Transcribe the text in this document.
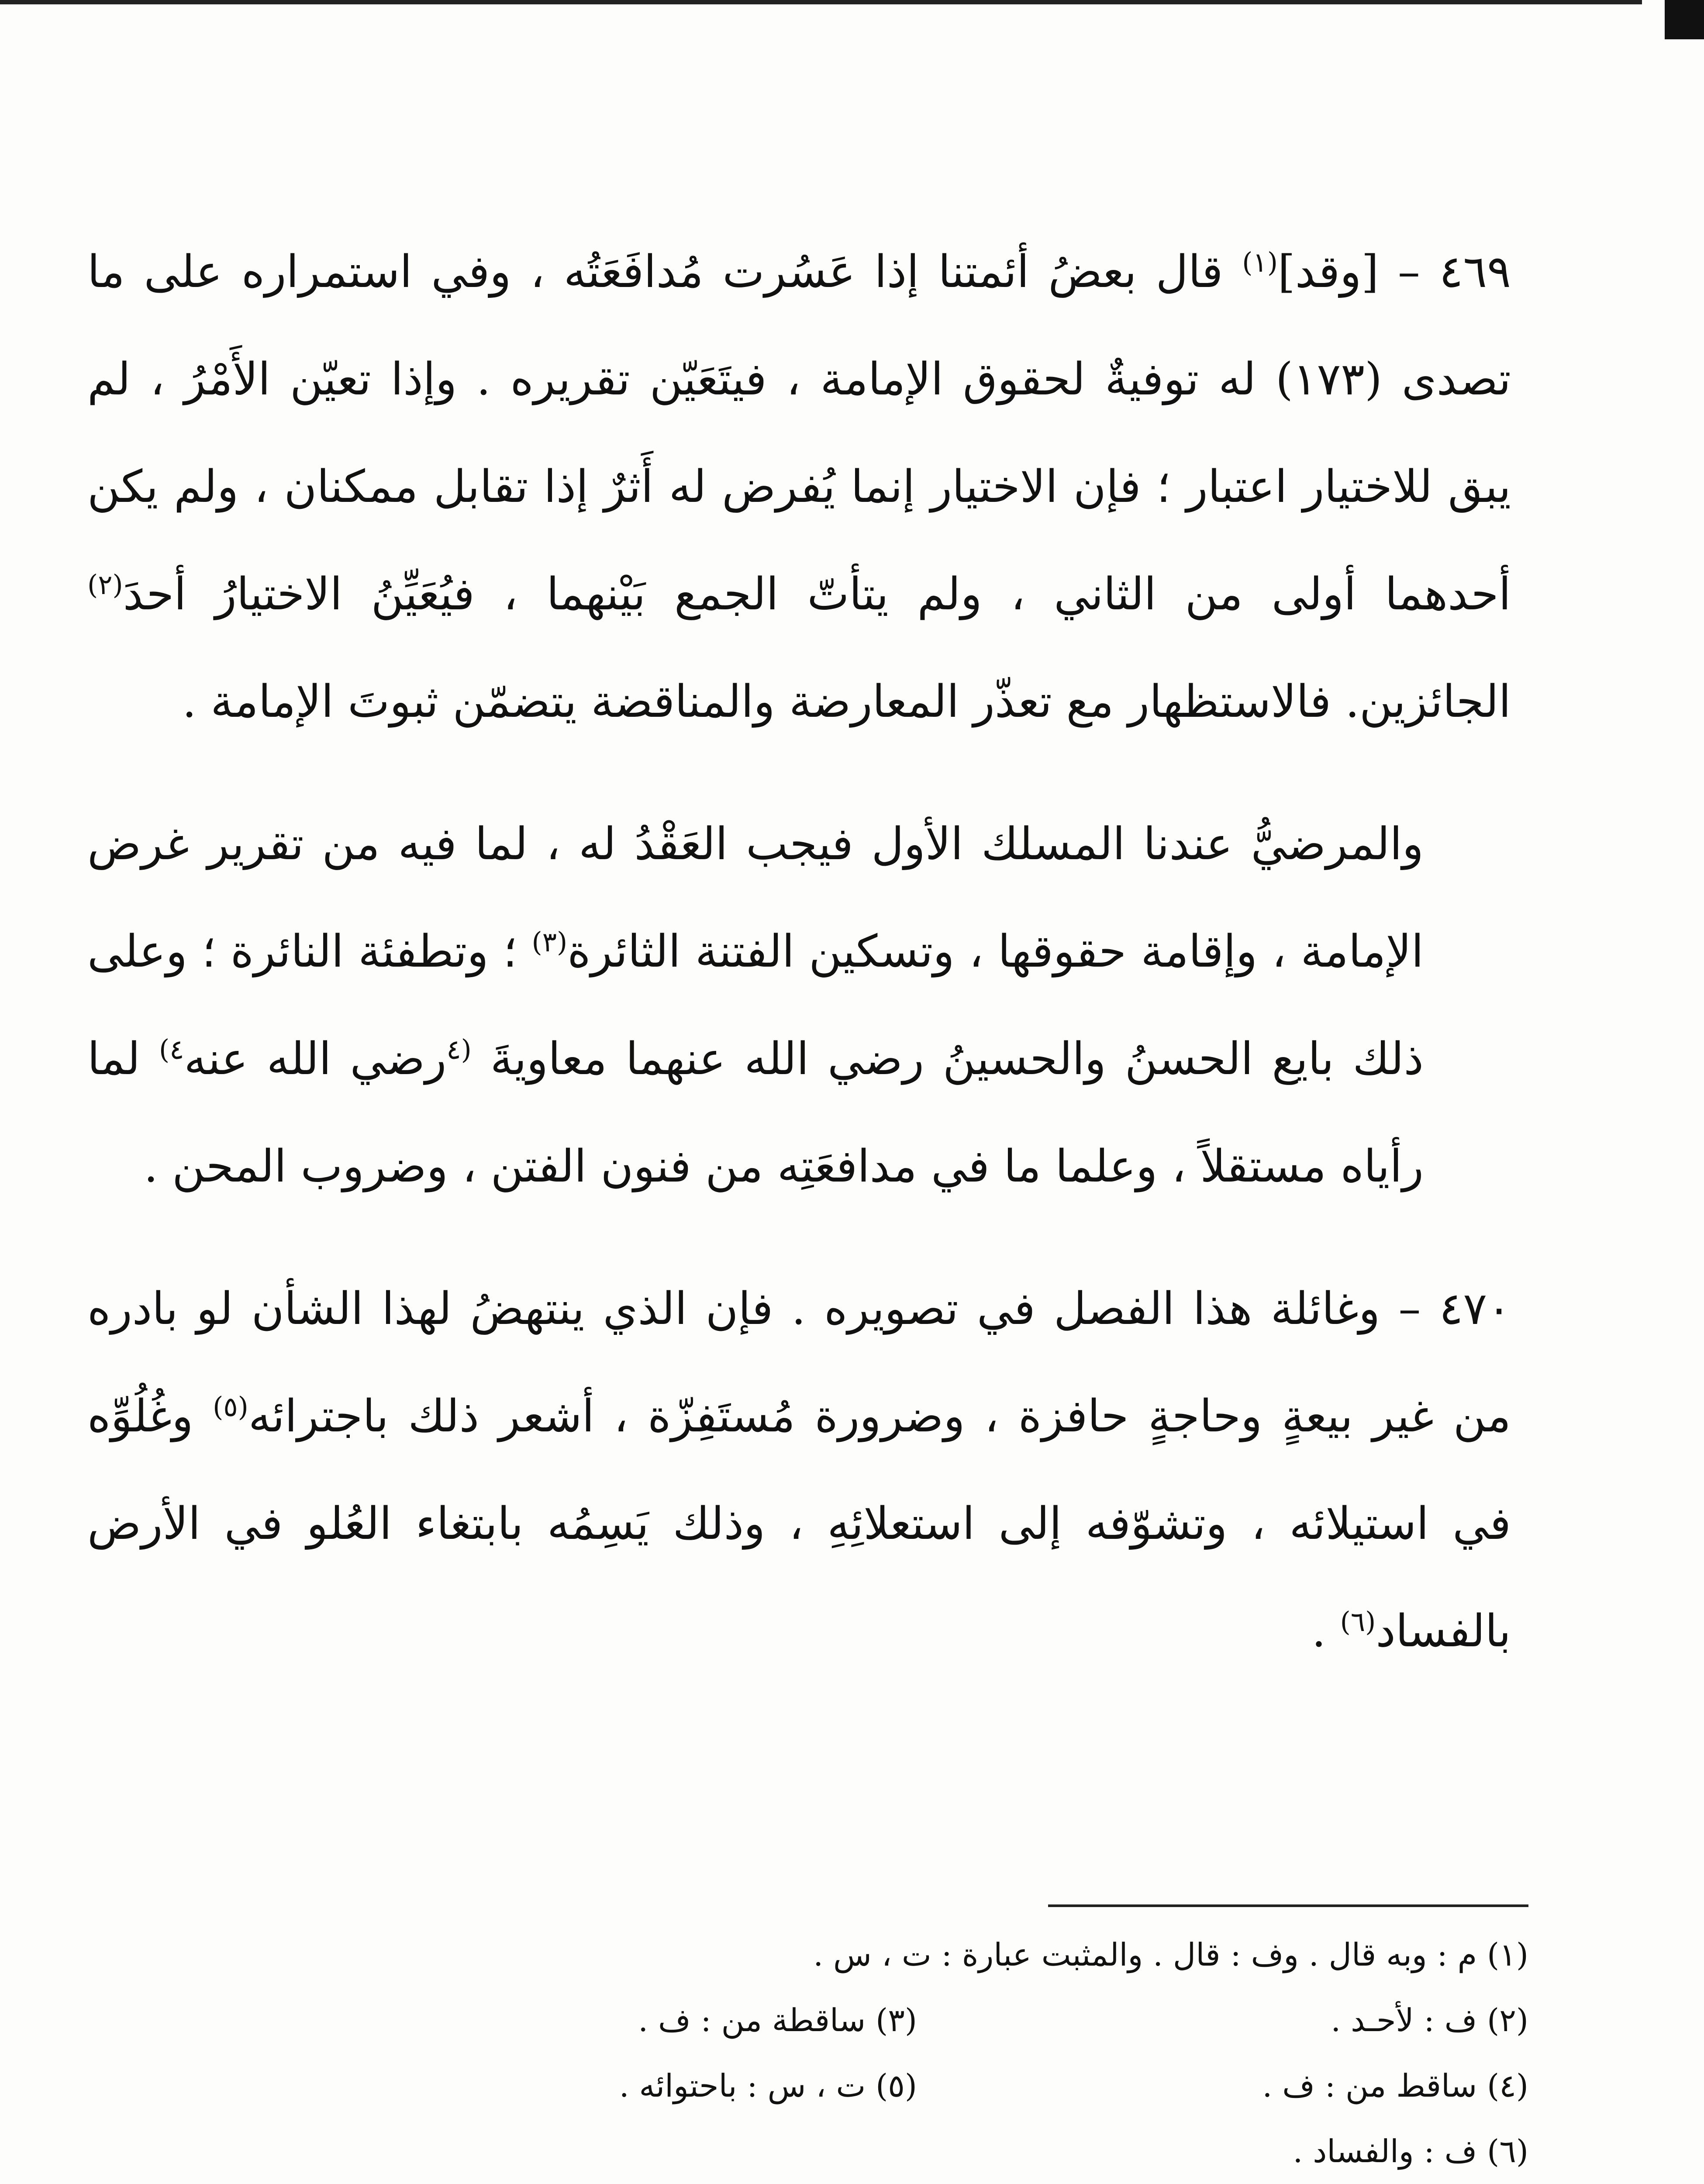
٤٦٩ – [وقد]$^{(١)}$ قال بعضُ أئمتنا إذا عَسُرت مُدافَعَتُه ، وفي استمراره على ما تصدى (١٧٣) له توفيةٌ لحقوق الإمامة ، فيتَعَيّن تقريره . وإذا تعيّن الأَمْرُ ، لم يبق للاختيار اعتبار ؛ فإن الاختيار إنما يُفرض له أَثرٌ إذا تقابل ممكنان ، ولم يكن أحدهما أولى من الثاني ، ولم يتأتّ الجمع بَيْنهما ، فيُعَيِّنُ الاختيارُ أحدَ$^{(٢)}$ الجائزين. فالاستظهار مع تعذّر المعارضة والمناقضة يتضمّن ثبوتَ الإمامة .

والمرضيُّ عندنا المسلك الأول فيجب العَقْدُ له ، لما فيه من تقرير غرض الإمامة ، وإقامة حقوقها ، وتسكين الفتنة الثائرة$^{(٣)}$ ؛ وتطفئة النائرة ؛ وعلى ذلك بايع الحسنُ والحسينُ رضي الله عنهما معاويةَ $^{(٤}$رضي الله عنه$^{٤)}$ لما رأياه مستقلاً ، وعلما ما في مدافعَتِه من فنون الفتن ، وضروب المحن .

٤٧٠ – وغائلة هذا الفصل في تصويره . فإن الذي ينتهضُ لهذا الشأن لو بادره من غير بيعةٍ وحاجةٍ حافزة ، وضرورة مُستَفِزّة ، أشعر ذلك باجترائه$^{(٥)}$ وغُلُوِّه في استيلائه ، وتشوّفه إلى استعلائِهِ ، وذلك يَسِمُه بابتغاء العُلو في الأرض بالفساد$^{(٦)}$ .

(١) م : وبه قال . وف : قال . والمثبت عبارة : ت ، س .
(٢) ف : لأحـد .
(٣) ساقطة من : ف .
(٤) ساقط من : ف .
(٥) ت ، س : باحتوائه .
(٦) ف : والفساد .
